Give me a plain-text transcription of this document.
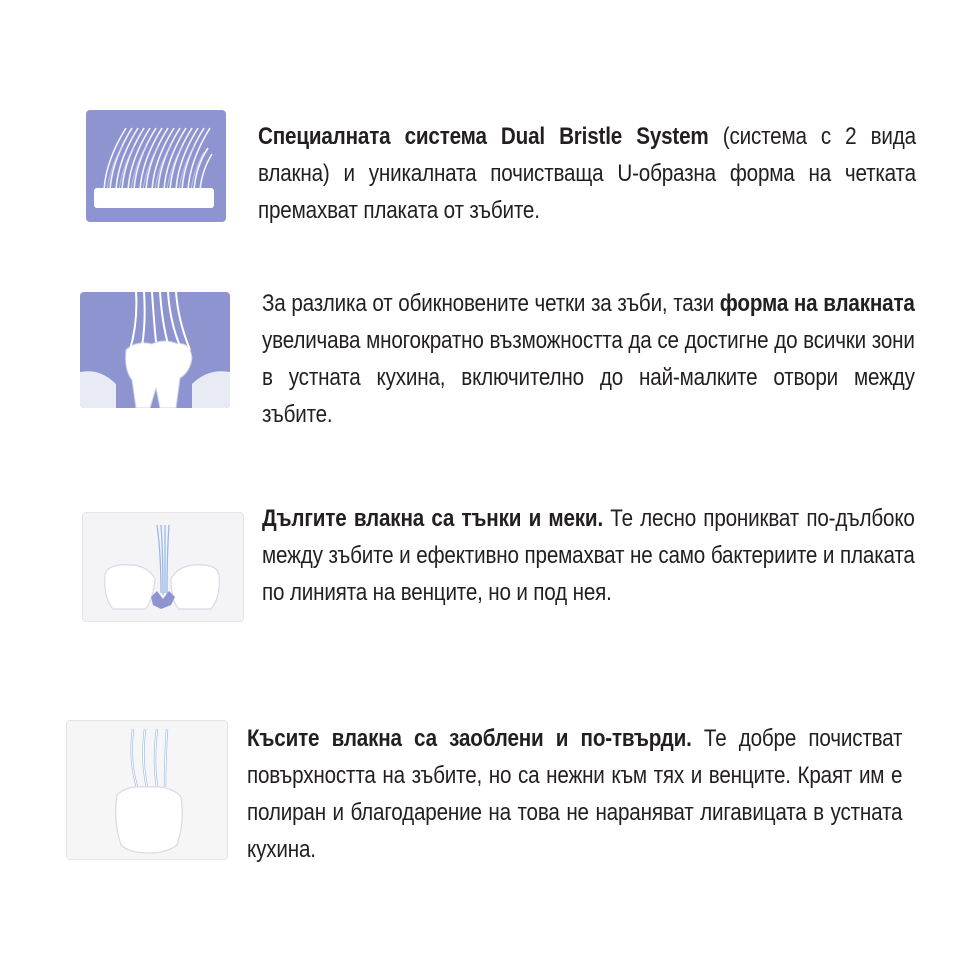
Специалната система Dual Bristle System (система с 2 вида влакна) и уникалната почистваща U-образна форма на четката премахват плаката от зъбите.
За разлика от обикновените четки за зъби, тази форма на влакната увеличава многократно възможността да се достигне до всички зони в устната кухина, включително до най-малките отвори между зъбите.
Дългите влакна са тънки и меки. Те лесно проникват по-дълбоко между зъбите и ефективно премахват не само бактериите и плаката по линията на венците, но и под нея.
Късите влакна са заоблени и по-твърди. Те добре почистват повърхността на зъбите, но са нежни към тях и венците. Краят им е полиран и благодарение на това не нараняват лигавицата в устната кухина.
